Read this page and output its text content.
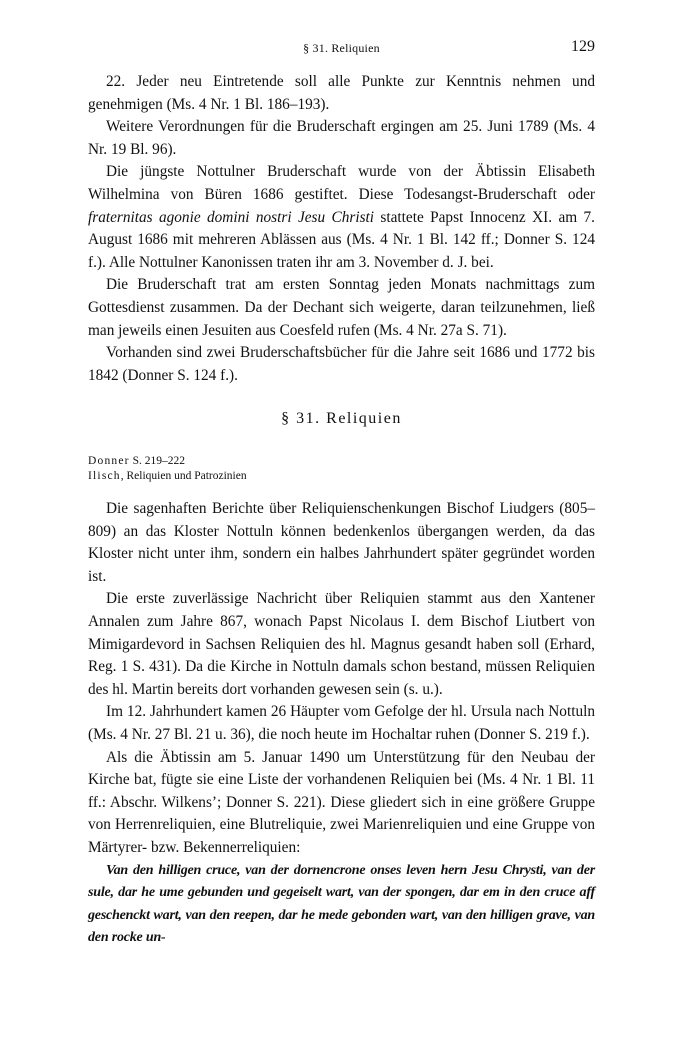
§ 31. Reliquien	129

22. Jeder neu Eintretende soll alle Punkte zur Kenntnis nehmen und genehmigen (Ms. 4 Nr. 1 Bl. 186–193).

Weitere Verordnungen für die Bruderschaft ergingen am 25. Juni 1789 (Ms. 4 Nr. 19 Bl. 96).

Die jüngste Nottulner Bruderschaft wurde von der Äbtissin Elisabeth Wilhelmina von Büren 1686 gestiftet. Diese Todesangst-Bruderschaft oder fraternitas agonie domini nostri Jesu Christi stattete Papst Innocenz XI. am 7. August 1686 mit mehreren Ablässen aus (Ms. 4 Nr. 1 Bl. 142 ff.; Donner S. 124 f.). Alle Nottulner Kanonissen traten ihr am 3. November d. J. bei.

Die Bruderschaft trat am ersten Sonntag jeden Monats nachmittags zum Gottesdienst zusammen. Da der Dechant sich weigerte, daran teilzunehmen, ließ man jeweils einen Jesuiten aus Coesfeld rufen (Ms. 4 Nr. 27a S. 71).

Vorhanden sind zwei Bruderschaftsbücher für die Jahre seit 1686 und 1772 bis 1842 (Donner S. 124 f.).

§ 31. Reliquien
Donner S. 219–222
Ilisch, Reliquien und Patrozinien

Die sagenhaften Berichte über Reliquienschenkungen Bischof Liudgers (805–809) an das Kloster Nottuln können bedenkenlos übergangen werden, da das Kloster nicht unter ihm, sondern ein halbes Jahrhundert später gegründet worden ist.

Die erste zuverlässige Nachricht über Reliquien stammt aus den Xantener Annalen zum Jahre 867, wonach Papst Nicolaus I. dem Bischof Liutbert von Mimigardevord in Sachsen Reliquien des hl. Magnus gesandt haben soll (Erhard, Reg. 1 S. 431). Da die Kirche in Nottuln damals schon bestand, müssen Reliquien des hl. Martin bereits dort vorhanden gewesen sein (s. u.).

Im 12. Jahrhundert kamen 26 Häupter vom Gefolge der hl. Ursula nach Nottuln (Ms. 4 Nr. 27 Bl. 21 u. 36), die noch heute im Hochaltar ruhen (Donner S. 219 f.).

Als die Äbtissin am 5. Januar 1490 um Unterstützung für den Neubau der Kirche bat, fügte sie eine Liste der vorhandenen Reliquien bei (Ms. 4 Nr. 1 Bl. 11 ff.: Abschr. Wilkens’; Donner S. 221). Diese gliedert sich in eine größere Gruppe von Herrenreliquien, eine Blutreliquie, zwei Marienreliquien und eine Gruppe von Märtyrer- bzw. Bekennerreliquien:

Van den hilligen cruce, van der dornencrone onses leven hern Jesu Chrysti, van der sule, dar he ume gebunden und gegeiselt wart, van der spongen, dar em in den cruce aff geschenckt wart, van den reepen, dar he mede gebonden wart, van den hilligen grave, van den rocke un-
